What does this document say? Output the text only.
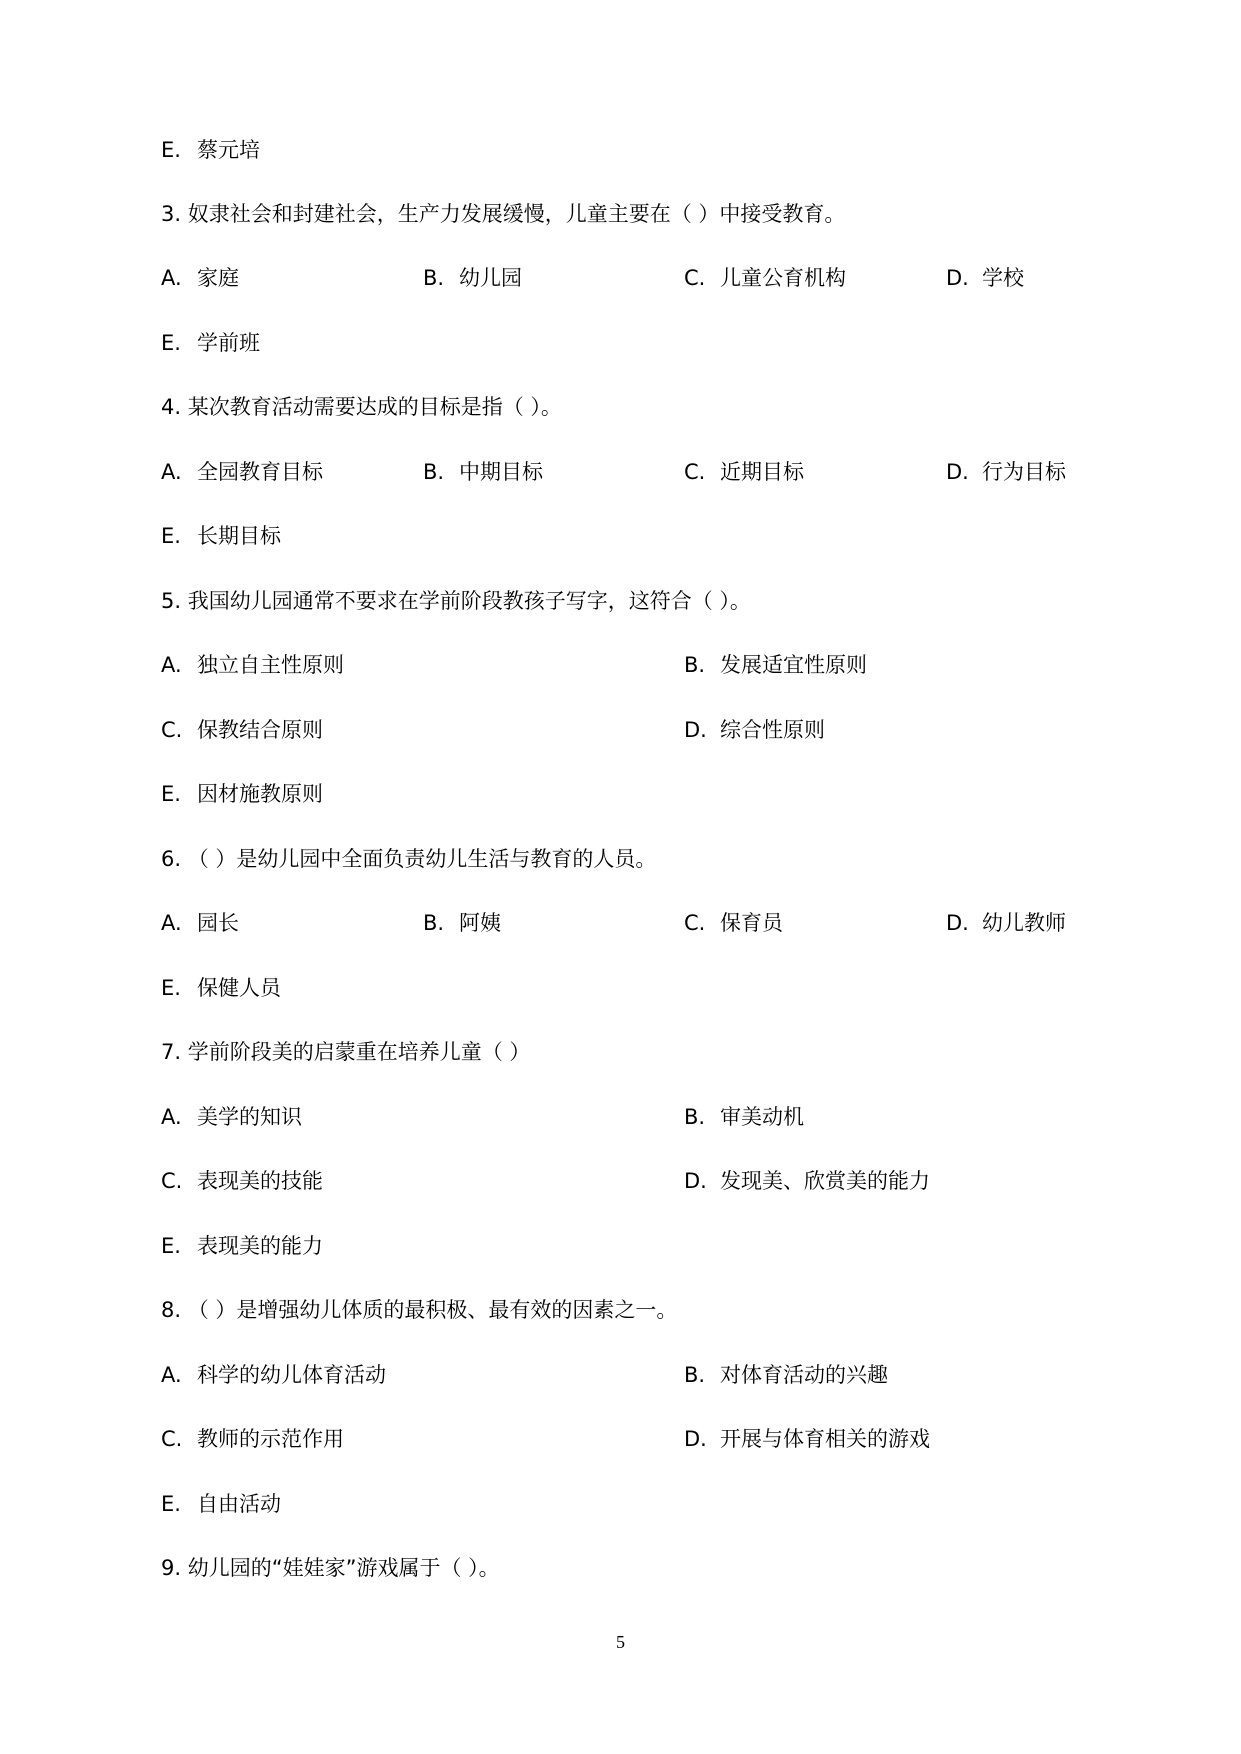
E. 蔡元培
3. 奴隶社会和封建社会，生产力发展缓慢，儿童主要在（ ）中接受教育。
A. 家庭	B. 幼儿园	C. 儿童公育机构	D. 学校
E. 学前班
4. 某次教育活动需要达成的目标是指（ ）。
A. 全园教育目标	B. 中期目标	C. 近期目标	D. 行为目标
E. 长期目标
5. 我国幼儿园通常不要求在学前阶段教孩子写字，这符合（ ）。
A. 独立自主性原则	B. 发展适宜性原则
C. 保教结合原则	D. 综合性原则
E. 因材施教原则
6. （ ）是幼儿园中全面负责幼儿生活与教育的人员。
A. 园长	B. 阿姨	C. 保育员	D. 幼儿教师
E. 保健人员
7. 学前阶段美的启蒙重在培养儿童（ ）
A. 美学的知识	B. 审美动机
C. 表现美的技能	D. 发现美、欣赏美的能力
E. 表现美的能力
8. （ ）是增强幼儿体质的最积极、最有效的因素之一。
A. 科学的幼儿体育活动	B. 对体育活动的兴趣
C. 教师的示范作用	D. 开展与体育相关的游戏
E. 自由活动
9. 幼儿园的“娃娃家”游戏属于（ ）。
5
